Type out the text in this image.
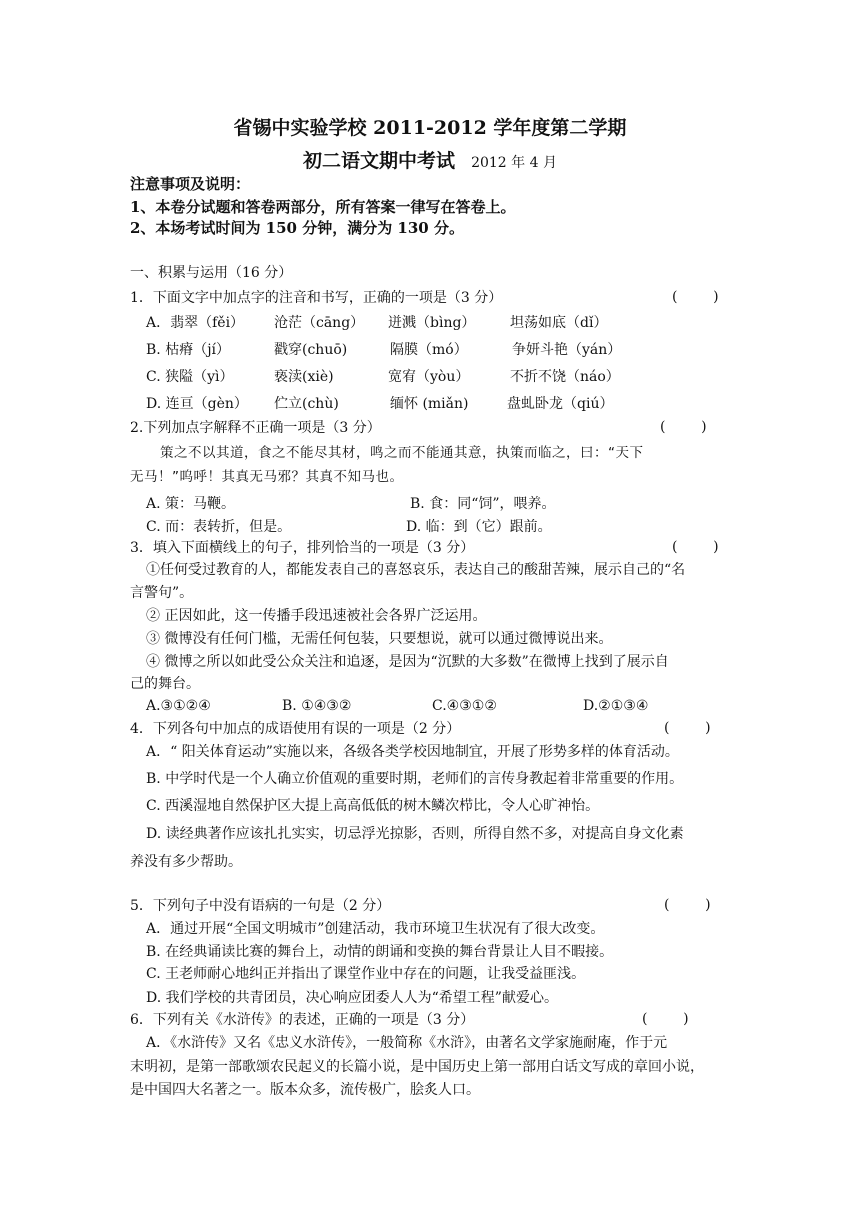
省锡中实验学校 2011-2012 学年度第二学期
初二语文期中考试 2012 年 4 月
注意事项及说明：
1、本卷分试题和答卷两部分，所有答案一律写在答卷上。
2、本场考试时间为 150 分钟，满分为 130 分。
一、积累与运用（16 分）
1．下面文字中加点字的注音和书写，正确的一项是（3 分）	(        )
A．翡翠（fěi） 沧茫（cāng） 迸溅（bìng） 坦荡如底（dǐ）
B. 枯瘠（jí）	戳穿(chuō)	隔膜（mó）	争妍斗艳（yán）
C. 狭隘（yì）	亵渎(xiè)	宽宥（yòu）	不折不饶（náo）
D. 连亘（gèn） 伫立(chù)	缅怀 (miǎn)	盘虬卧龙（qiú）
2.下列加点字解释不正确一项是（3 分）	(        )
策之不以其道，食之不能尽其材，鸣之而不能通其意，执策而临之，曰：“天下
无马！”呜呼！其真无马邪？其真不知马也。
A. 策：马鞭。	B. 食：同“饲”，喂养。
C. 而：表转折，但是。	D. 临：到（它）跟前。
3．填入下面横线上的句子，排列恰当的一项是（3 分）	(        )
①任何受过教育的人，都能发表自己的喜怒哀乐，表达自己的酸甜苦辣，展示自己的“名
言警句”。
② 正因如此，这一传播手段迅速被社会各界广泛运用。
③ 微博没有任何门槛，无需任何包装，只要想说，就可以通过微博说出来。
④ 微博之所以如此受公众关注和追逐，是因为“沉默的大多数”在微博上找到了展示自
己的舞台。
A.③①②④	B. ①④③②	C.④③①②	D.②①③④
4．下列各句中加点的成语使用有误的一项是（2 分）	(        )
A．“ 阳关体育运动”实施以来，各级各类学校因地制宜，开展了形势多样的体育活动。
B. 中学时代是一个人确立价值观的重要时期，老师们的言传身教起着非常重要的作用。
C. 西溪湿地自然保护区大提上高高低低的树木鳞次栉比，令人心旷神怡。
D. 读经典著作应该扎扎实实，切忌浮光掠影，否则，所得自然不多，对提高自身文化素
养没有多少帮助。
5．下列句子中没有语病的一句是（2 分）	(        )
A．通过开展“全国文明城市”创建活动，我市环境卫生状况有了很大改变。
B. 在经典诵读比赛的舞台上，动情的朗诵和变换的舞台背景让人目不暇接。
C. 王老师耐心地纠正并指出了课堂作业中存在的问题，让我受益匪浅。
D. 我们学校的共青团员，决心响应团委人人为“希望工程”献爱心。
6．下列有关《水浒传》的表述，正确的一项是（3 分）	(        )
A．《水浒传》又名《忠义水浒传》，一般简称《水浒》，由著名文学家施耐庵，作于元
末明初，是第一部歌颂农民起义的长篇小说，是中国历史上第一部用白话文写成的章回小说，
是中国四大名著之一。版本众多，流传极广，脍炙人口。
